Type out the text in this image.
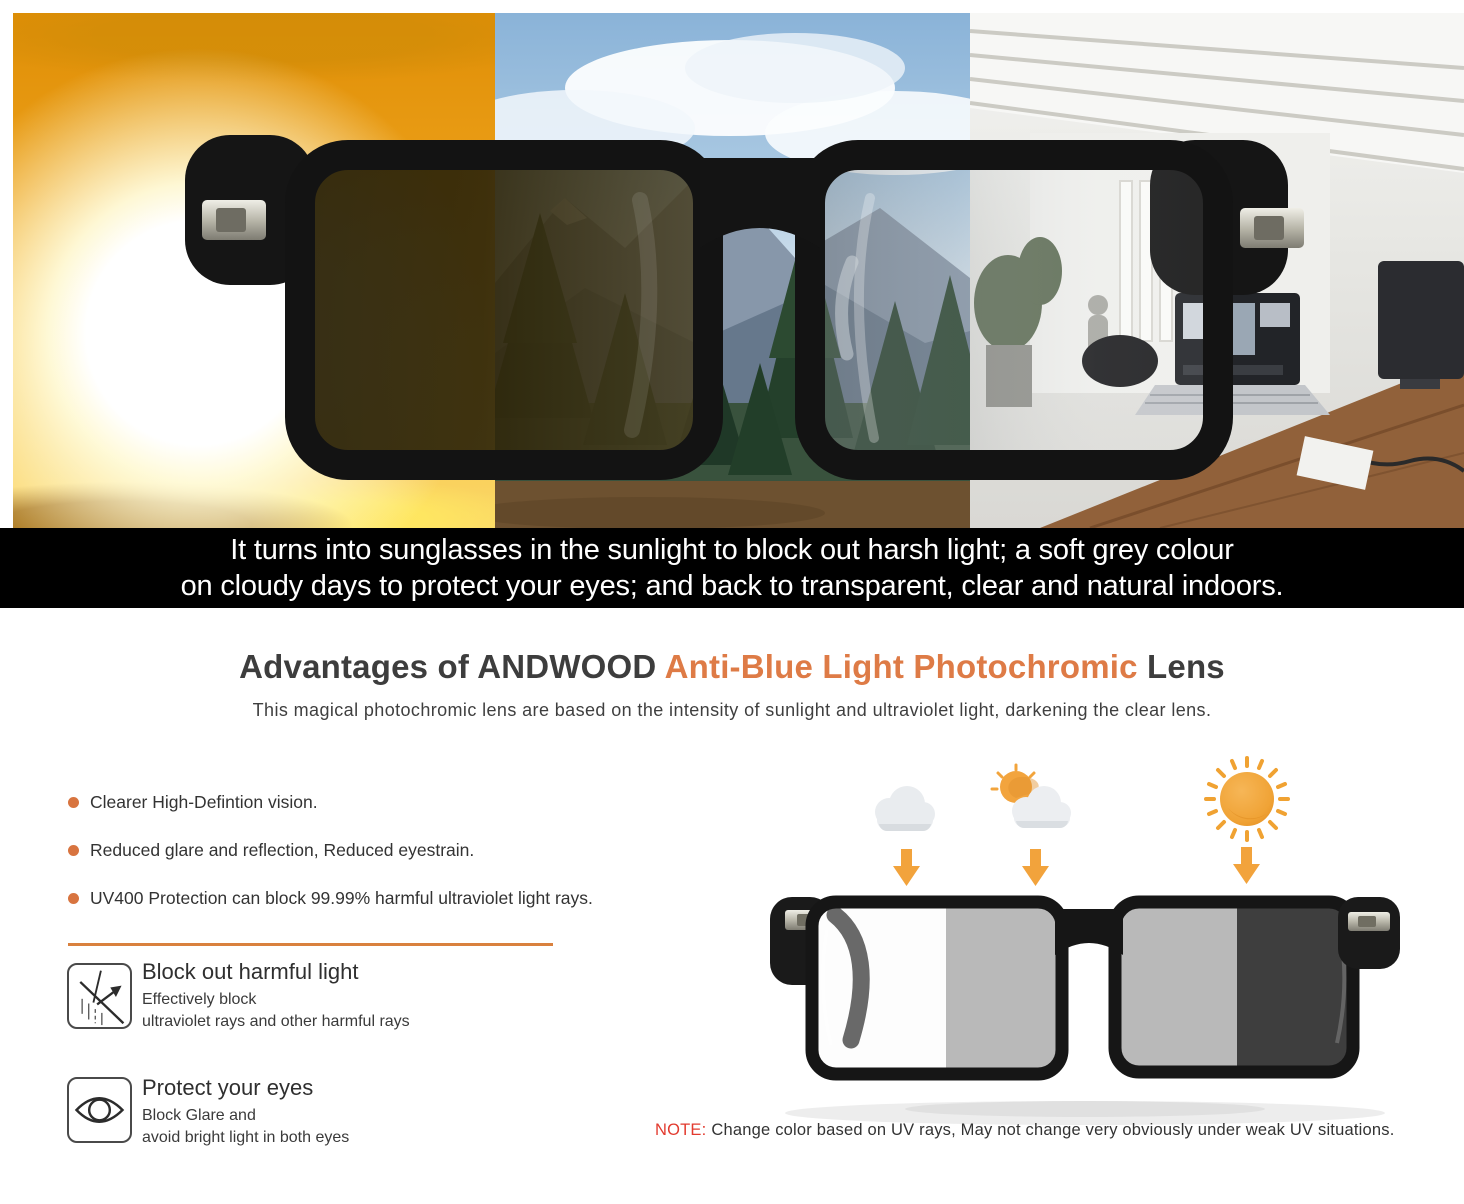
It turns into sunglasses in the sunlight to block out harsh light; a soft grey colour
on cloudy days to protect your eyes; and back to transparent, clear and natural indoors.
Advantages of ANDWOOD Anti-Blue Light Photochromic Lens
This magical photochromic lens are based on the intensity of sunlight and ultraviolet light, darkening the clear lens.
Clearer High-Defintion vision.
Reduced glare and reflection, Reduced eyestrain.
UV400 Protection can block 99.99% harmful ultraviolet light rays.
Block out harmful light
Effectively block
ultraviolet rays and other harmful rays
Protect your eyes
Block Glare and
avoid bright light in both eyes	NOTE: Change color based on UV rays, May not change very obviously under weak UV situations.
